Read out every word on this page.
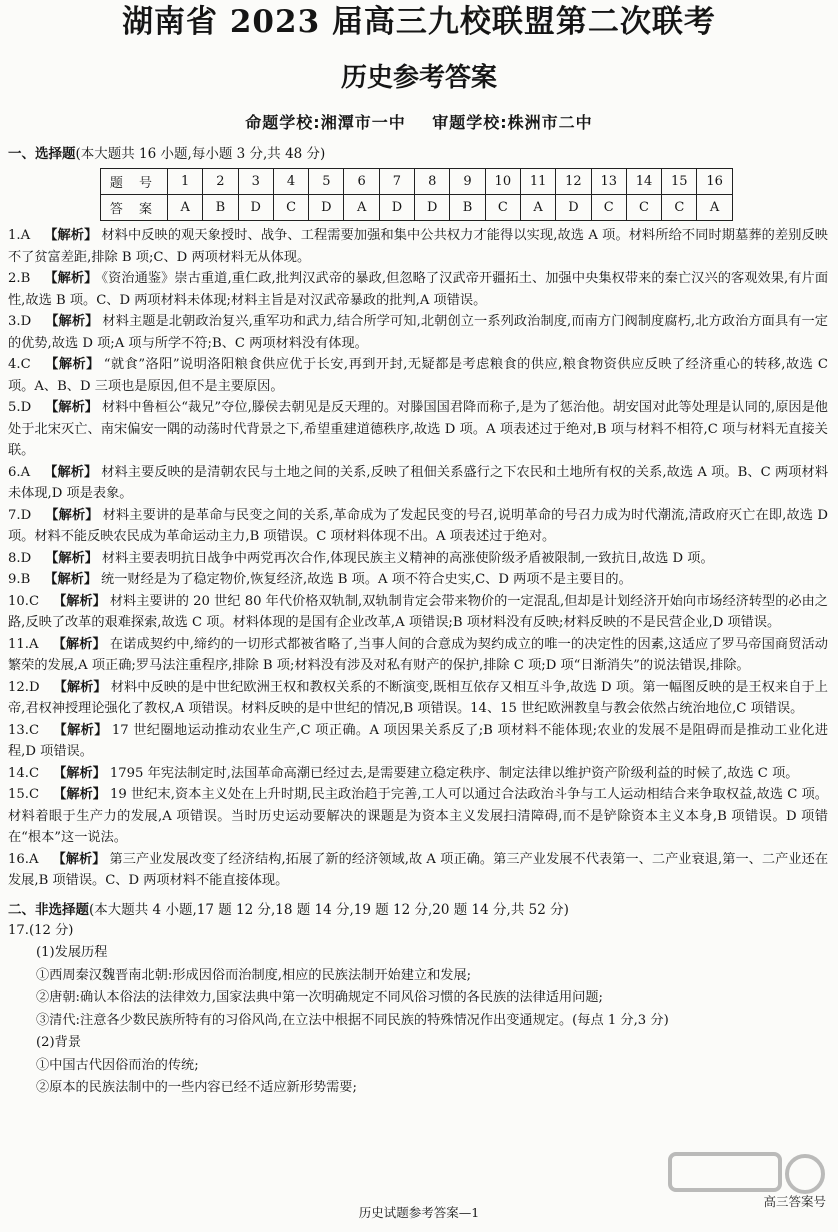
湖南省 2023 届高三九校联盟第二次联考
历史参考答案
命题学校:湘潭市一中 审题学校:株洲市二中
一、选择题(本大题共 16 小题,每小题 3 分,共 48 分)
题 号	1	2	3	4	5	6	7	8	9	10	11	12	13	14	15	16
答 案	A	B	D	C	D	A	D	D	B	C	A	D	C	C	C	A
1.A 【解析】 材料中反映的观天象授时、战争、工程需要加强和集中公共权力才能得以实现,故选 A 项。材料所给不同时期墓葬的差别反映不了贫富差距,排除 B 项;C、D 两项材料无从体现。
2.B 【解析】 《资治通鉴》崇古重道,重仁政,批判汉武帝的暴政,但忽略了汉武帝开疆拓土、加强中央集权带来的秦亡汉兴的客观效果,有片面性,故选 B 项。C、D 两项材料未体现;材料主旨是对汉武帝暴政的批判,A 项错误。
3.D 【解析】 材料主题是北朝政治复兴,重军功和武力,结合所学可知,北朝创立一系列政治制度,而南方门阀制度腐朽,北方政治方面具有一定的优势,故选 D 项;A 项与所学不符;B、C 两项材料没有体现。
4.C 【解析】 “就食”洛阳”说明洛阳粮食供应优于长安,再到开封,无疑都是考虑粮食的供应,粮食物资供应反映了经济重心的转移,故选 C 项。A、B、D 三项也是原因,但不是主要原因。
5.D 【解析】 材料中鲁桓公“裁兄”夺位,滕侯去朝见是反天理的。对滕国国君降而称子,是为了惩治他。胡安国对此等处理是认同的,原因是他处于北宋灭亡、南宋偏安一隅的动荡时代背景之下,希望重建道德秩序,故选 D 项。A 项表述过于绝对,B 项与材料不相符,C 项与材料无直接关联。
6.A 【解析】 材料主要反映的是清朝农民与土地之间的关系,反映了租佃关系盛行之下农民和土地所有权的关系,故选 A 项。B、C 两项材料未体现,D 项是表象。
7.D 【解析】 材料主要讲的是革命与民变之间的关系,革命成为了发起民变的号召,说明革命的号召力成为时代潮流,清政府灭亡在即,故选 D 项。材料不能反映农民成为革命运动主力,B 项错误。C 项材料体现不出。A 项表述过于绝对。
8.D 【解析】 材料主要表明抗日战争中两党再次合作,体现民族主义精神的高涨使阶级矛盾被限制,一致抗日,故选 D 项。
9.B 【解析】 统一财经是为了稳定物价,恢复经济,故选 B 项。A 项不符合史实,C、D 两项不是主要目的。
10.C 【解析】 材料主要讲的 20 世纪 80 年代价格双轨制,双轨制肯定会带来物价的一定混乱,但却是计划经济开始向市场经济转型的必由之路,反映了改革的艰难探索,故选 C 项。材料体现的是国有企业改革,A 项错误;B 项材料没有反映;材料反映的不是民营企业,D 项错误。
11.A 【解析】 在诺成契约中,缔约的一切形式都被省略了,当事人间的合意成为契约成立的唯一的决定性的因素,这适应了罗马帝国商贸活动繁荣的发展,A 项正确;罗马法注重程序,排除 B 项;材料没有涉及对私有财产的保护,排除 C 项;D 项“日渐消失”的说法错误,排除。
12.D 【解析】 材料中反映的是中世纪欧洲王权和教权关系的不断演变,既相互依存又相互斗争,故选 D 项。第一幅图反映的是王权来自于上帝,君权神授理论强化了教权,A 项错误。材料反映的是中世纪的情况,B 项错误。14、15 世纪欧洲教皇与教会依然占统治地位,C 项错误。
13.C 【解析】 17 世纪圈地运动推动农业生产,C 项正确。A 项因果关系反了;B 项材料不能体现;农业的发展不是阻碍而是推动工业化进程,D 项错误。
14.C 【解析】 1795 年宪法制定时,法国革命高潮已经过去,是需要建立稳定秩序、制定法律以维护资产阶级利益的时候了,故选 C 项。
15.C 【解析】 19 世纪末,资本主义处在上升时期,民主政治趋于完善,工人可以通过合法政治斗争与工人运动相结合来争取权益,故选 C 项。材料着眼于生产力的发展,A 项错误。当时历史运动要解决的课题是为资本主义发展扫清障碍,而不是铲除资本主义本身,B 项错误。D 项错在“根本”这一说法。
16.A 【解析】 第三产业发展改变了经济结构,拓展了新的经济领域,故 A 项正确。第三产业发展不代表第一、二产业衰退,第一、二产业还在发展,B 项错误。C、D 两项材料不能直接体现。
二、非选择题(本大题共 4 小题,17 题 12 分,18 题 14 分,19 题 12 分,20 题 14 分,共 52 分)
17.(12 分)
(1)发展历程
①西周秦汉魏晋南北朝:形成因俗而治制度,相应的民族法制开始建立和发展;
②唐朝:确认本俗法的法律效力,国家法典中第一次明确规定不同风俗习惯的各民族的法律适用问题;
③清代:注意各少数民族所特有的习俗风尚,在立法中根据不同民族的特殊情况作出变通规定。(每点 1 分,3 分)
(2)背景
①中国古代因俗而治的传统;
②原本的民族法制中的一些内容已经不适应新形势需要;
历史试题参考答案—1
高三答案号
